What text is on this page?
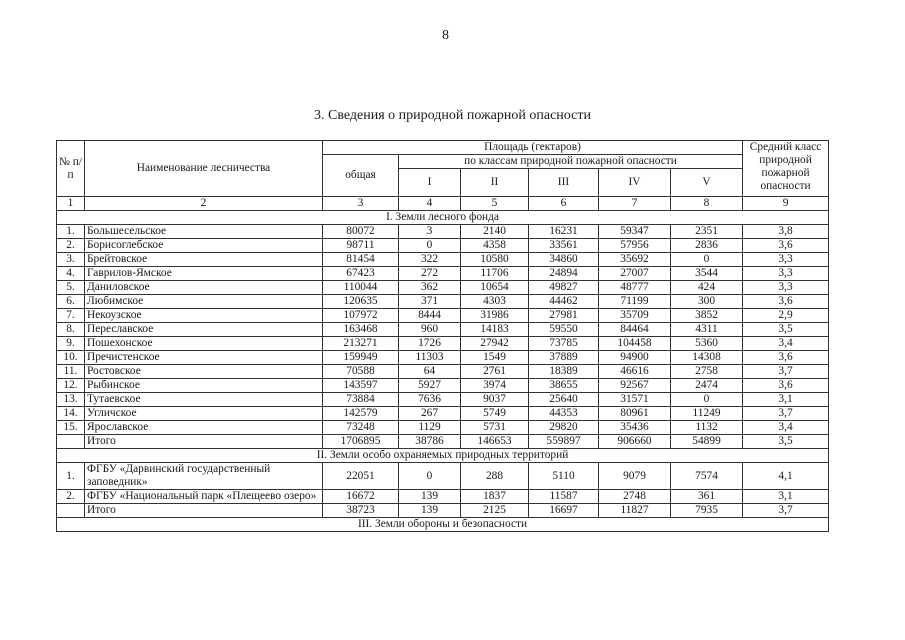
8
3. Сведения о природной пожарной опасности
№ п/п	Наименование лесничества	Площадь (гектаров)						Средний класс природной пожарной опасности
		общая	по классам природной пожарной опасности					
			I	II	III	IV	V	
1	2	3	4	5	6	7	8	9
I. Земли лесного фонда								
1.	Большесельское	80072	3	2140	16231	59347	2351	3,8
2.	Борисоглебское	98711	0	4358	33561	57956	2836	3,6
3.	Брейтовское	81454	322	10580	34860	35692	0	3,3
4.	Гаврилов-Ямское	67423	272	11706	24894	27007	3544	3,3
5.	Даниловское	110044	362	10654	49827	48777	424	3,3
6.	Любимское	120635	371	4303	44462	71199	300	3,6
7.	Некоузское	107972	8444	31986	27981	35709	3852	2,9
8.	Переславское	163468	960	14183	59550	84464	4311	3,5
9.	Пошехонское	213271	1726	27942	73785	104458	5360	3,4
10.	Пречистенское	159949	11303	1549	37889	94900	14308	3,6
11.	Ростовское	70588	64	2761	18389	46616	2758	3,7
12.	Рыбинское	143597	5927	3974	38655	92567	2474	3,6
13.	Тутаевское	73884	7636	9037	25640	31571	0	3,1
14.	Угличское	142579	267	5749	44353	80961	11249	3,7
15.	Ярославское	73248	1129	5731	29820	35436	1132	3,4
	Итого	1706895	38786	146653	559897	906660	54899	3,5
II. Земли особо охраняемых природных территорий								
1.	ФГБУ «Дарвинский государственный заповедник»	22051	0	288	5110	9079	7574	4,1
2.	ФГБУ «Национальный парк «Плещеево озеро»	16672	139	1837	11587	2748	361	3,1
	Итого	38723	139	2125	16697	11827	7935	3,7
III. Земли обороны и безопасности								
